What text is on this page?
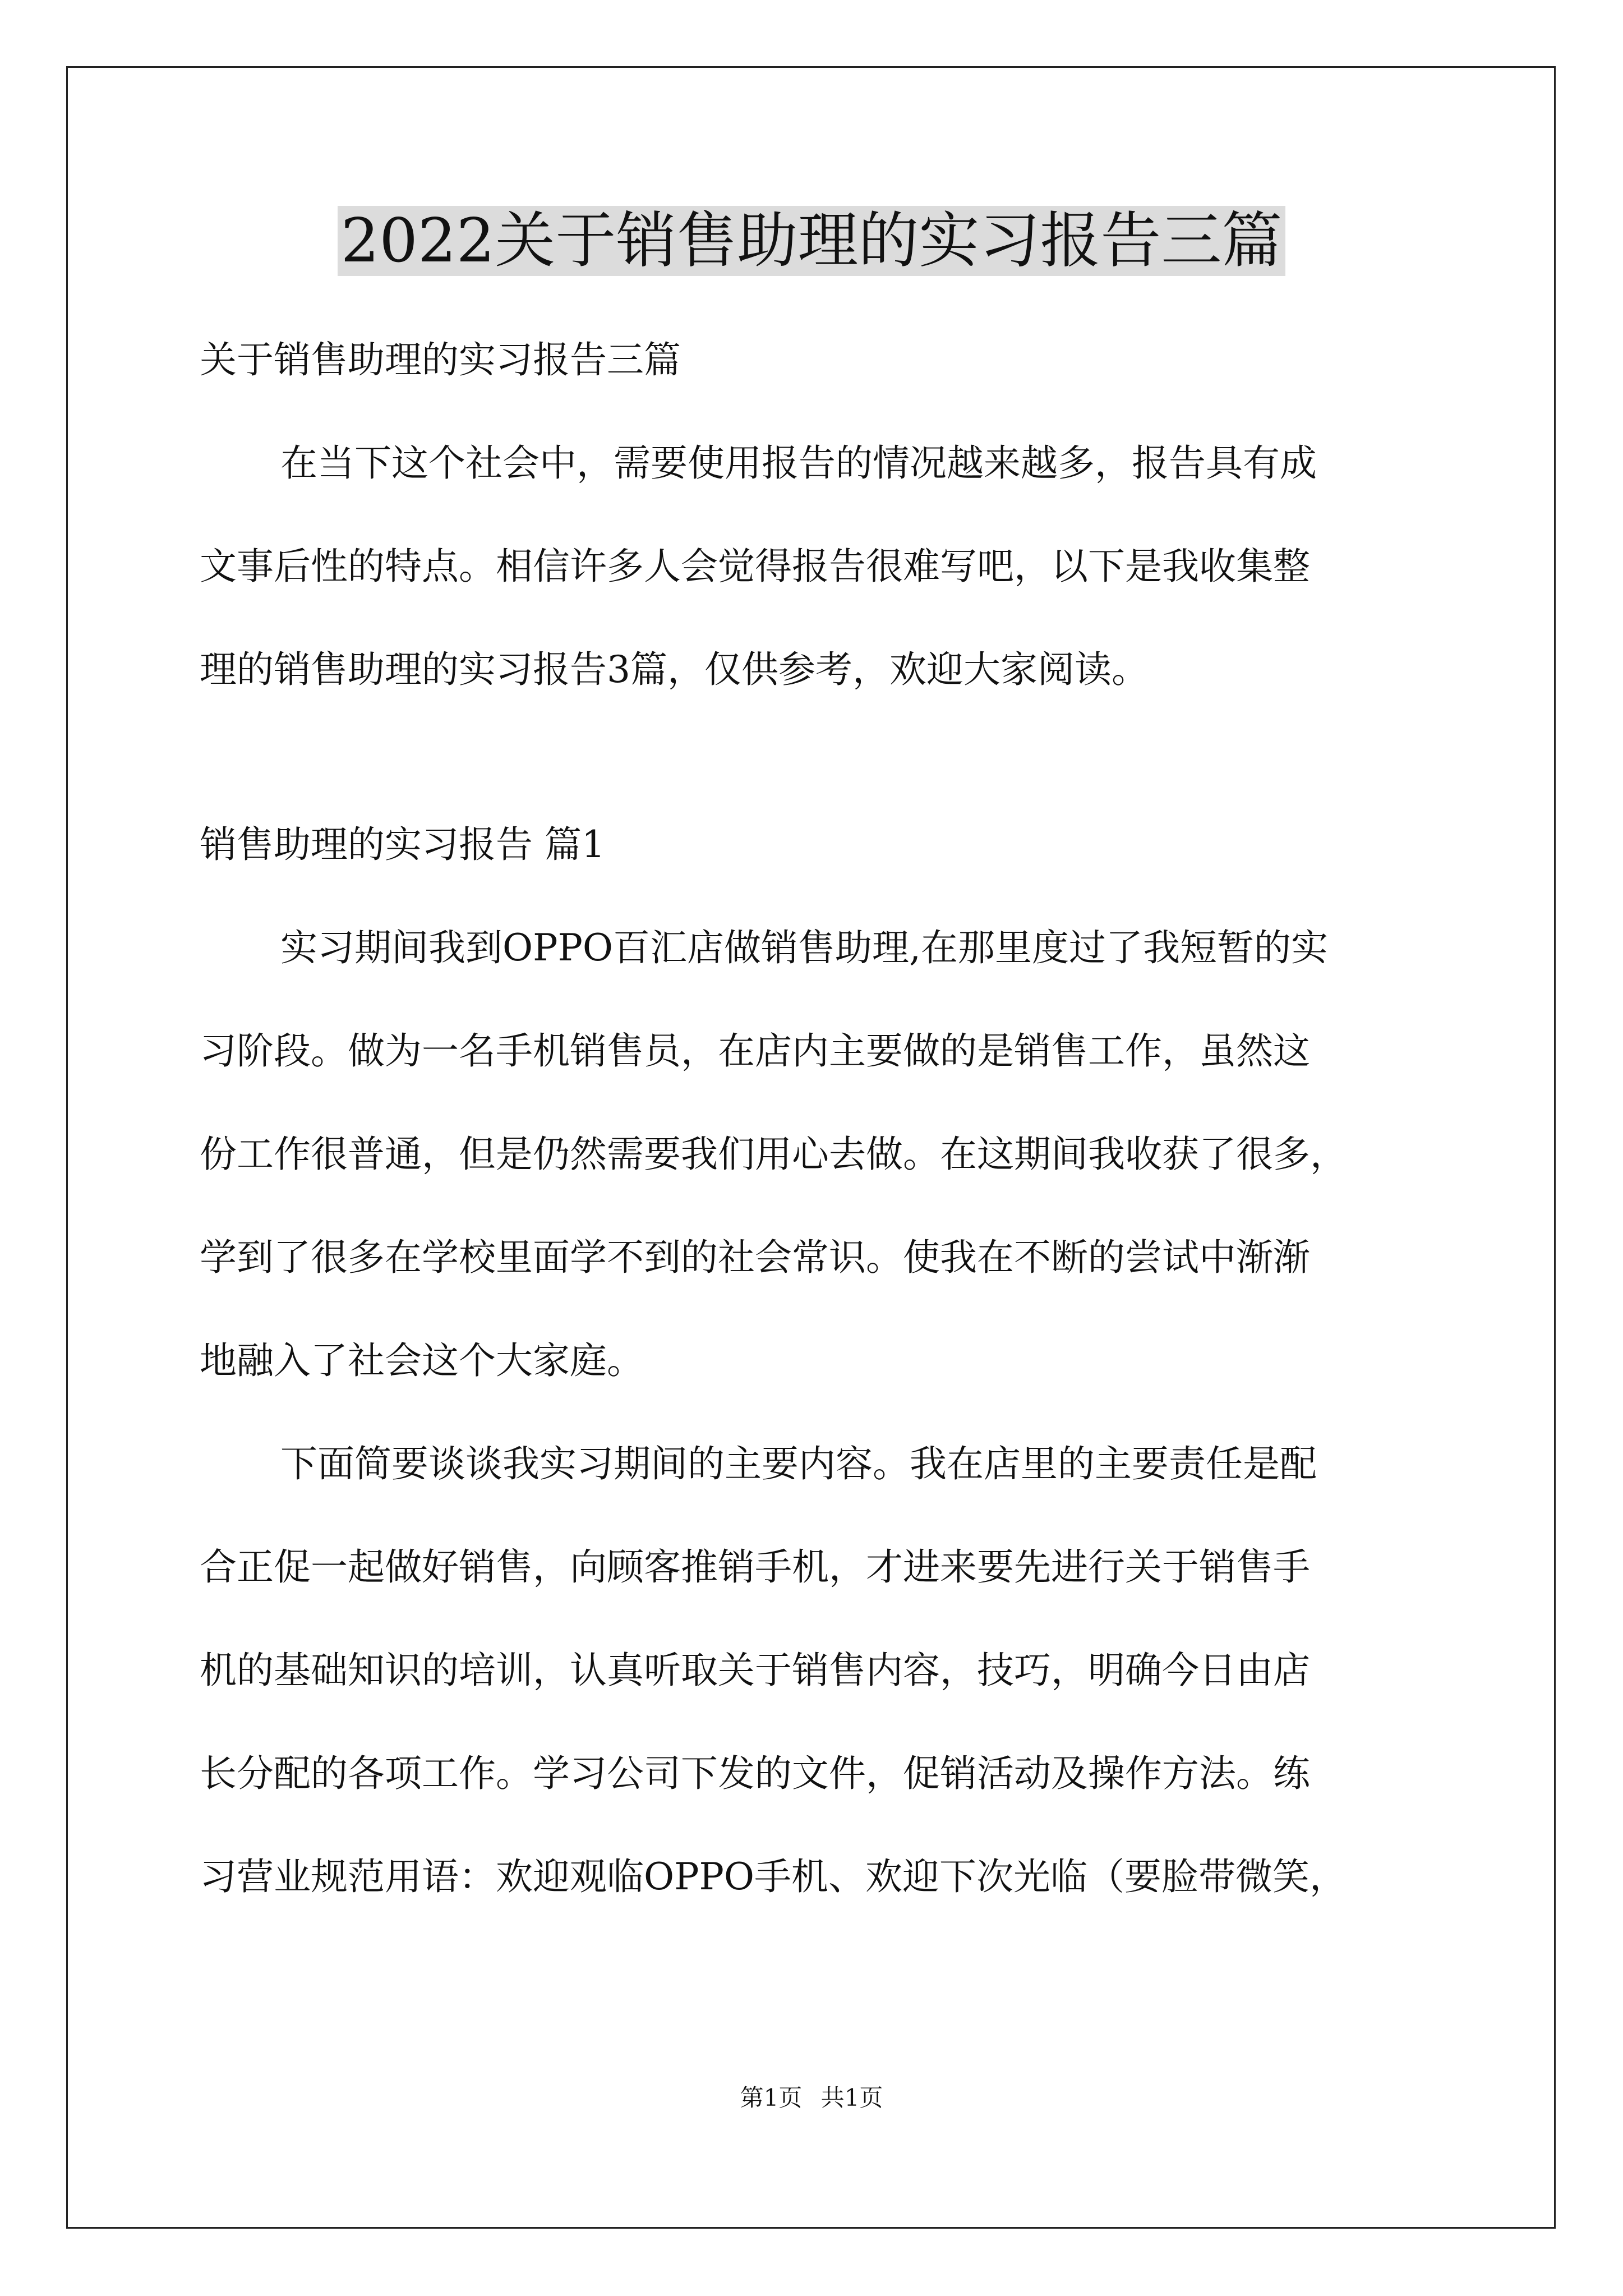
2022关于销售助理的实习报告三篇
关于销售助理的实习报告三篇
在当下这个社会中，需要使用报告的情况越来越多，报告具有成
文事后性的特点。相信许多人会觉得报告很难写吧，以下是我收集整
理的销售助理的实习报告3篇，仅供参考，欢迎大家阅读。
销售助理的实习报告 篇1
实习期间我到OPPO百汇店做销售助理,在那里度过了我短暂的实
习阶段。做为一名手机销售员，在店内主要做的是销售工作，虽然这
份工作很普通，但是仍然需要我们用心去做。在这期间我收获了很多，
学到了很多在学校里面学不到的社会常识。使我在不断的尝试中渐渐
地融入了社会这个大家庭。
下面简要谈谈我实习期间的主要内容。我在店里的主要责任是配
合正促一起做好销售，向顾客推销手机，才进来要先进行关于销售手
机的基础知识的培训，认真听取关于销售内容，技巧，明确今日由店
长分配的各项工作。学习公司下发的文件，促销活动及操作方法。练
习营业规范用语：欢迎观临OPPO手机、欢迎下次光临（要脸带微笑，
第1页 共1页
